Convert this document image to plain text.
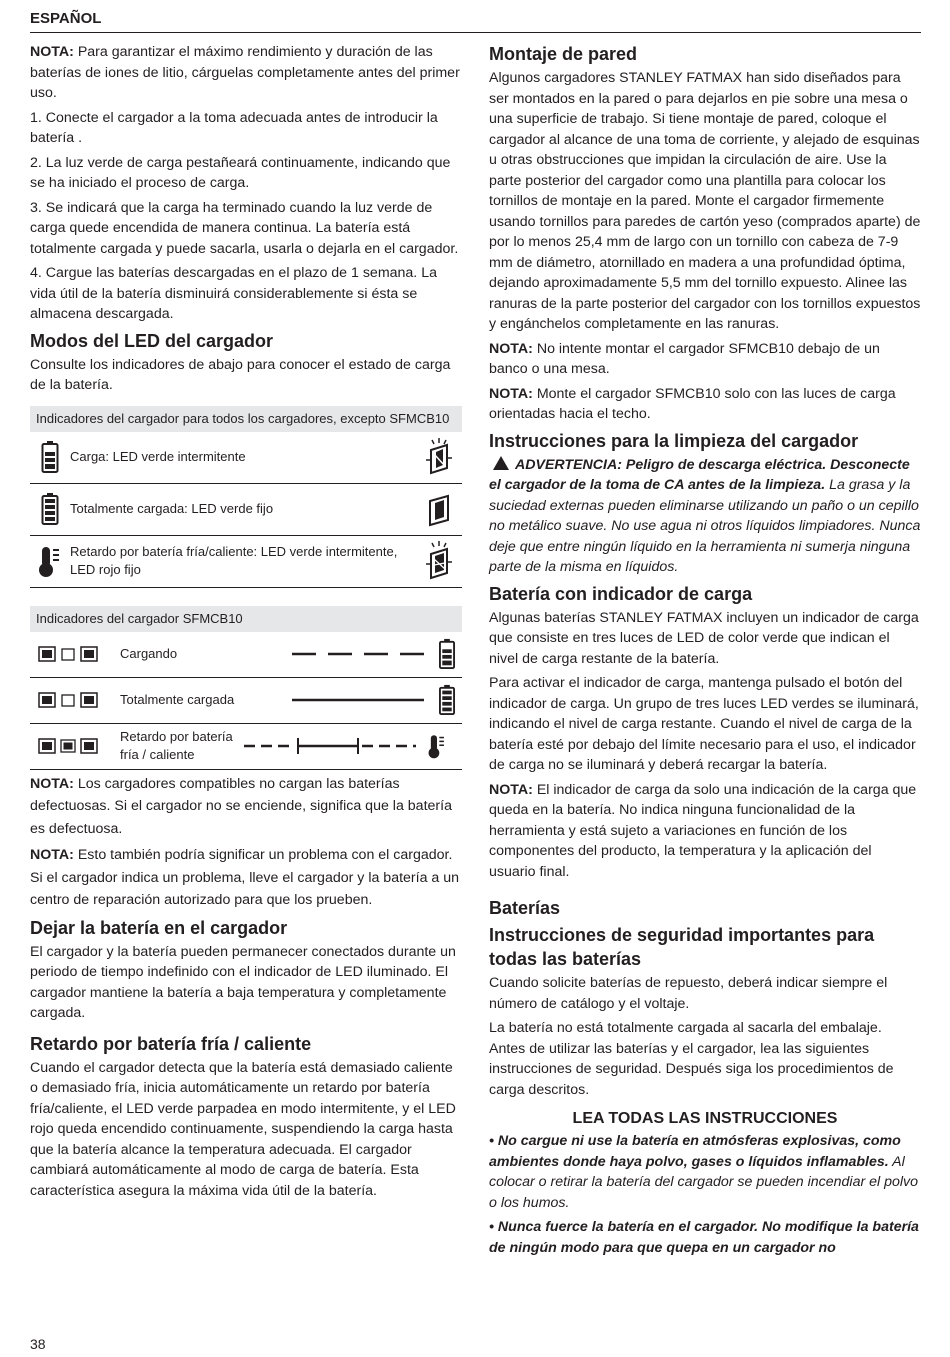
ESPAÑOL

NOTA: Para garantizar el máximo rendimiento y duración de las baterías de iones de litio, cárguelas completamente antes del primer uso.

1. Conecte el cargador a la toma adecuada antes de introducir la batería .

2. La luz verde de carga pestañeará continuamente, indicando que se ha iniciado el proceso de carga.

3. Se indicará que la carga ha terminado cuando la luz verde de carga quede encendida de manera continua. La batería está totalmente cargada y puede sacarla, usarla o dejarla en el cargador.

4. Cargue las baterías descargadas en el plazo de 1 semana. La vida útil de la batería disminuirá considerablemente si ésta se almacena descargada.

Modos del LED del cargador

Consulte los indicadores de abajo para conocer el estado de carga de la batería.

Indicadores del cargador para todos los cargadores, excepto SFMCB10
Carga: LED verde intermitente
Totalmente cargada: LED verde fijo
Retardo por batería fría/caliente: LED verde intermitente, LED rojo fijo
Indicadores del cargador SFMCB10
Cargando
Totalmente cargada
Retardo por batería fría / caliente

NOTA: Los cargadores compatibles no cargan las baterías defectuosas. Si el cargador no se enciende, significa que la batería es defectuosa.

NOTA: Esto también podría significar un problema con el cargador. Si el cargador indica un problema, lleve el cargador y la batería a un centro de reparación autorizado para que los prueben.

Dejar la batería en el cargador

El cargador y la batería pueden permanecer conectados durante un periodo de tiempo indefinido con el indicador de LED iluminado. El cargador mantiene la batería a baja temperatura y completamente cargada.

Retardo por batería fría / caliente

Cuando el cargador detecta que la batería está demasiado caliente o demasiado fría, inicia automáticamente un retardo por batería fría/caliente, el LED verde parpadea en modo intermitente, y el LED rojo queda encendido continuamente, suspendiendo la carga hasta que la batería alcance la temperatura adecuada. El cargador cambiará automáticamente al modo de carga de batería. Esta característica asegura la máxima vida útil de la batería.

Montaje de pared

Algunos cargadores STANLEY FATMAX han sido diseñados para ser montados en la pared o para dejarlos en pie sobre una mesa o una superficie de trabajo. Si tiene montaje de pared, coloque el cargador al alcance de una toma de corriente, y alejado de esquinas u otras obstrucciones que impidan la circulación de aire. Use la parte posterior del cargador como una plantilla para colocar los tornillos de montaje en la pared. Monte el cargador firmemente usando tornillos para paredes de cartón yeso (comprados aparte) de por lo menos 25,4 mm de largo con un tornillo con cabeza de 7-9 mm de diámetro, atornillado en madera a una profundidad óptima, dejando aproximadamente 5,5 mm del tornillo expuesto. Alinee las ranuras de la parte posterior del cargador con los tornillos expuestos y engánchelos completamente en las ranuras.

NOTA: No intente montar el cargador SFMCB10 debajo de un banco o una mesa.

NOTA: Monte el cargador SFMCB10 solo con las luces de carga orientadas hacia el techo.

Instrucciones para la limpieza del cargador

ADVERTENCIA: Peligro de descarga eléctrica. Desconecte el cargador de la toma de CA antes de la limpieza. La grasa y la suciedad externas pueden eliminarse utilizando un paño o un cepillo no metálico suave. No use agua ni otros líquidos limpiadores. Nunca deje que entre ningún líquido en la herramienta ni sumerja ninguna parte de la misma en líquidos.

Batería con indicador de carga

Algunas baterías STANLEY FATMAX incluyen un indicador de carga que consiste en tres luces de LED de color verde que indican el nivel de carga restante de la batería.

Para activar el indicador de carga, mantenga pulsado el botón del indicador de carga. Un grupo de tres luces LED verdes se iluminará, indicando el nivel de carga restante. Cuando el nivel de carga de la batería esté por debajo del límite necesario para el uso, el indicador de carga no se iluminará y deberá recargar la batería.

NOTA: El indicador de carga da solo una indicación de la carga que queda en la batería. No indica ninguna funcionalidad de la herramienta y está sujeto a variaciones en función de los componentes del producto, la temperatura y la aplicación del usuario final.

Baterías
Instrucciones de seguridad importantes para todas las baterías

Cuando solicite baterías de repuesto, deberá indicar siempre el número de catálogo y el voltaje.

La batería no está totalmente cargada al sacarla del embalaje. Antes de utilizar las baterías y el cargador, lea las siguientes instrucciones de seguridad. Después siga los procedimientos de carga descritos.

LEA TODAS LAS INSTRUCCIONES

• No cargue ni use la batería en atmósferas explosivas, como ambientes donde haya polvo, gases o líquidos inflamables. Al colocar o retirar la batería del cargador se pueden incendiar el polvo o los humos.

• Nunca fuerce la batería en el cargador. No modifique la batería de ningún modo para que quepa en un cargador no

38
